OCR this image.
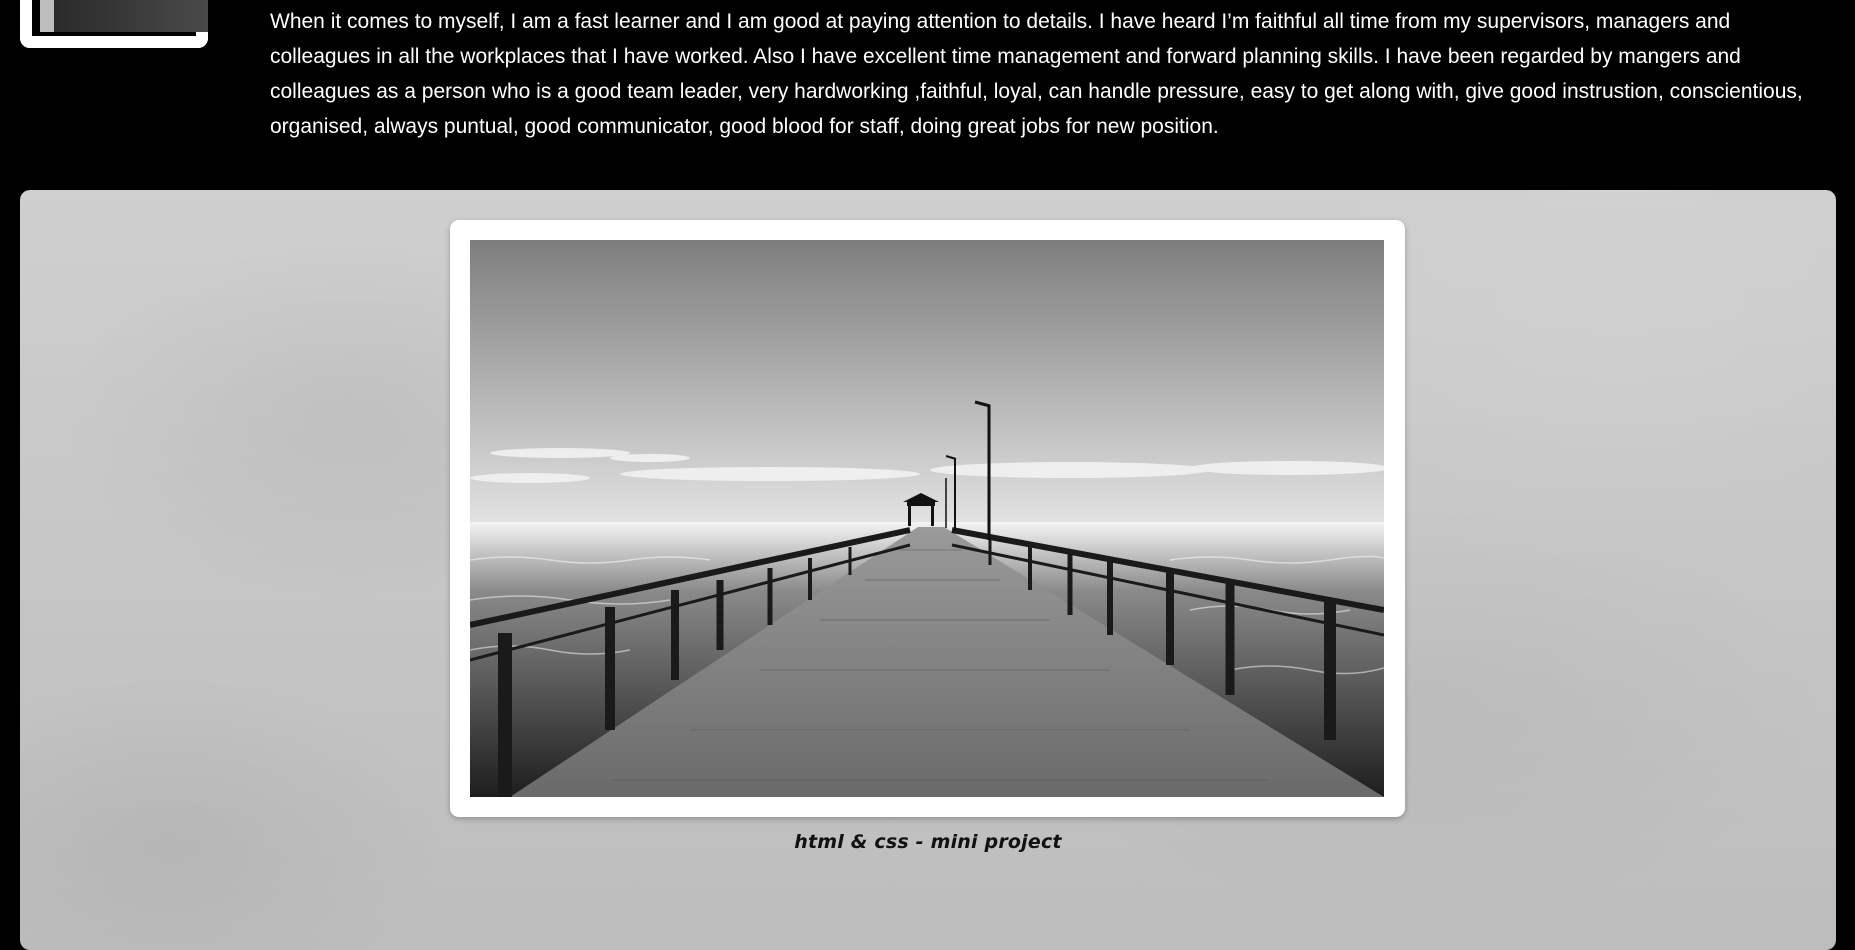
When it comes to myself, I am a fast learner and I am good at paying attention to details. I have heard I’m faithful all time from my supervisors, managers and colleagues in all the workplaces that I have worked. Also I have excellent time management and forward planning skills. I have been regarded by mangers and colleagues as a person who is a good team leader, very hardworking ,faithful, loyal, can handle pressure, easy to get along with, give good instrustion, conscientious, organised, always puntual, good communicator, good blood for staff, doing great jobs for new position.

html & css - mini project
